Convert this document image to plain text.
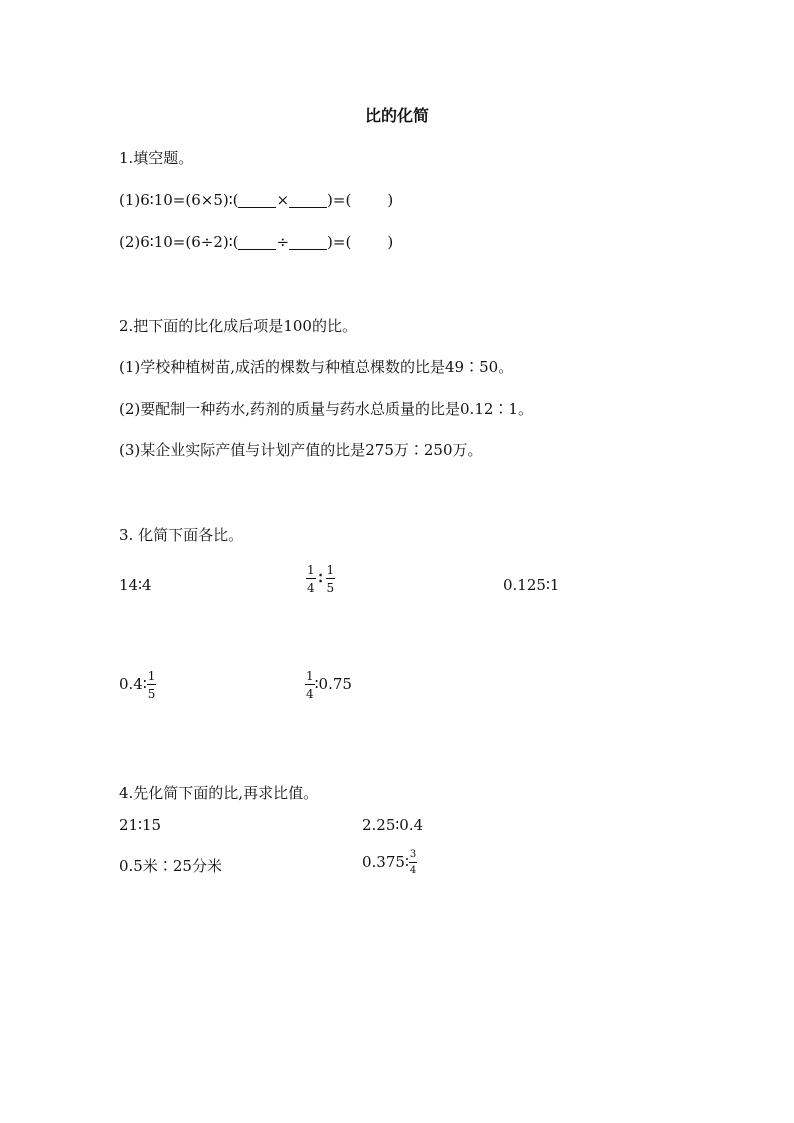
比的化简
1.填空题。
(1)6∶10=(6×5)∶(	×	)=( )
(2)6∶10=(6÷2)∶(	÷	)=( )
2.把下面的比化成后项是100的比。
(1)学校种植树苗,成活的棵数与种植总棵数的比是49∶50。
(2)要配制一种药水,药剂的质量与药水总质量的比是0.12∶1。
(3)某企业实际产值与计划产值的比是275万∶250万。
3. 化简下面各比。
14∶4	$\frac{1}{4}$ ∶ $\frac{1}{5}$	0.125∶1
0.4∶ $\frac{1}{5}$	$\frac{1}{4}$ ∶0.75
4.先化简下面的比,再求比值。
21∶15	2.25∶0.4
0.5米∶25分米	0.375∶ $\frac{3}{4}$
